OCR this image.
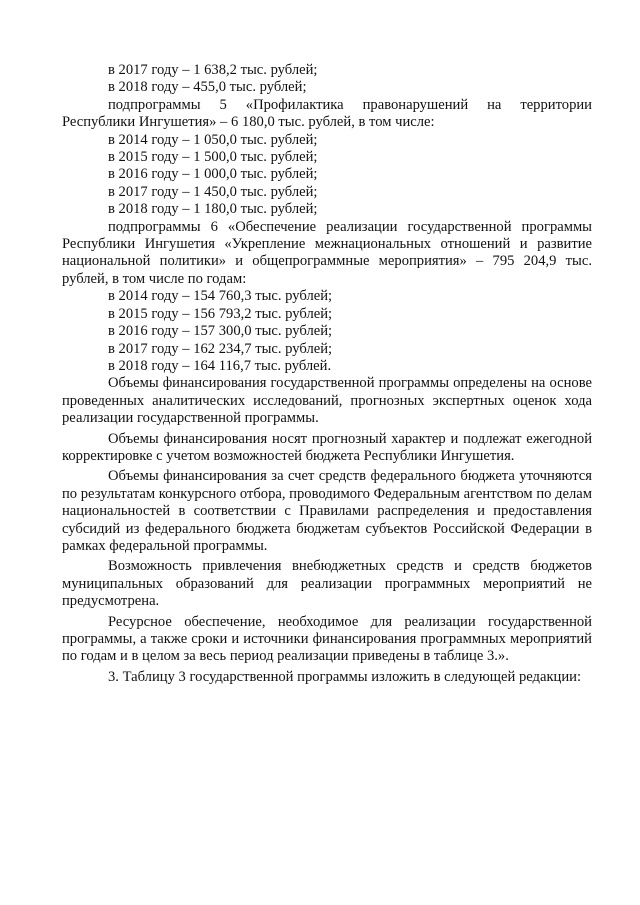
в 2017 году – 1 638,2 тыс. рублей;
в 2018 году – 455,0 тыс. рублей;
подпрограммы 5 «Профилактика правонарушений на территории Республики Ингушетия» – 6 180,0 тыс. рублей, в том числе:
в 2014 году – 1 050,0 тыс. рублей;
в 2015 году – 1 500,0 тыс. рублей;
в 2016 году – 1 000,0 тыс. рублей;
в 2017 году – 1 450,0 тыс. рублей;
в 2018 году – 1 180,0 тыс. рублей;
подпрограммы 6 «Обеспечение реализации государственной программы Республики Ингушетия «Укрепление межнациональных отношений и развитие национальной политики» и общепрограммные мероприятия» – 795 204,9 тыс. рублей, в том числе по годам:
в 2014 году – 154 760,3 тыс. рублей;
в 2015 году – 156 793,2 тыс. рублей;
в 2016 году – 157 300,0 тыс. рублей;
в 2017 году – 162 234,7 тыс. рублей;
в 2018 году – 164 116,7 тыс. рублей.
Объемы финансирования государственной программы определены на основе проведенных аналитических исследований, прогнозных экспертных оценок хода реализации государственной программы.
Объемы финансирования носят прогнозный характер и подлежат ежегодной корректировке с учетом возможностей бюджета Республики Ингушетия.
Объемы финансирования за счет средств федерального бюджета уточняются по результатам конкурсного отбора, проводимого Федеральным агентством по делам национальностей в соответствии с Правилами распределения и предоставления субсидий из федерального бюджета бюджетам субъектов Российской Федерации в рамках федеральной программы.
Возможность привлечения внебюджетных средств и средств бюджетов муниципальных образований для реализации программных мероприятий не предусмотрена.
Ресурсное обеспечение, необходимое для реализации государственной программы, а также сроки и источники финансирования программных мероприятий по годам и в целом за весь период реализации приведены в таблице 3.».
3. Таблицу 3 государственной программы изложить в следующей редакции:
